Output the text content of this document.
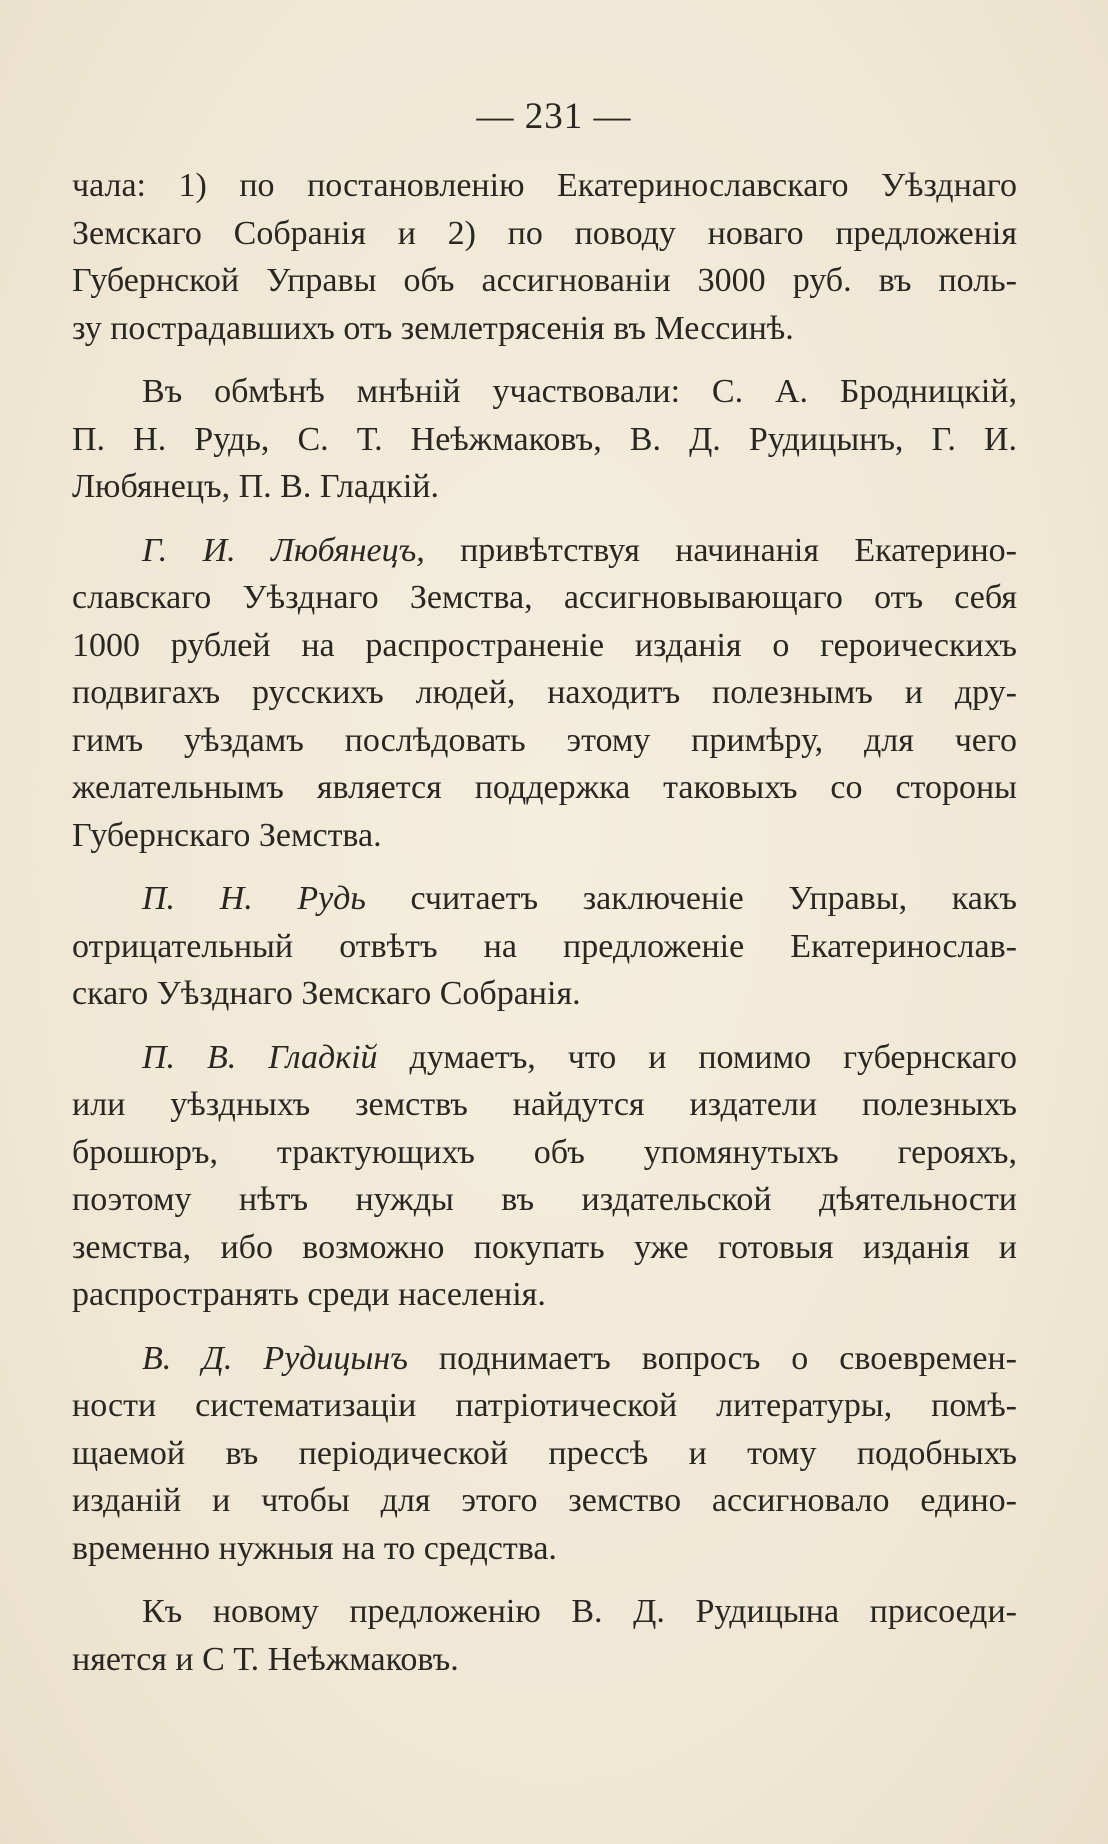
— 231 —

чала: 1) по постановленію Екатеринославскаго Уѣзднаго
Земскаго Собранія и 2) по поводу новаго предложенія
Губернской Управы объ ассигнованіи 3000 руб. въ поль-
зу пострадавшихъ отъ землетрясенія въ Мессинѣ.

Въ обмѣнѣ мнѣній участвовали: С. А. Бродницкій,
П. Н. Рудь, С. Т. Неѣжмаковъ, В. Д. Рудицынъ, Г. И.
Любянецъ, П. В. Гладкій.

Г. И. Любянецъ, привѣтствуя начинанія Екатерино-
славскаго Уѣзднаго Земства, ассигновывающаго отъ себя
1000 рублей на распространеніе изданія о героическихъ
подвигахъ русскихъ людей, находитъ полезнымъ и дру-
гимъ уѣздамъ послѣдовать этому примѣру, для чего
желательнымъ является поддержка таковыхъ со стороны
Губернскаго Земства.

П. Н. Рудь считаетъ заключеніе Управы, какъ
отрицательный отвѣтъ на предложеніе Екатеринослав-
скаго Уѣзднаго Земскаго Собранія.

П. В. Гладкій думаетъ, что и помимо губернскаго
или уѣздныхъ земствъ найдутся издатели полезныхъ
брошюръ, трактующихъ объ упомянутыхъ герояхъ,
поэтому нѣтъ нужды въ издательской дѣятельности
земства, ибо возможно покупать уже готовыя изданія и
распространять среди населенія.

В. Д. Рудицынъ поднимаетъ вопросъ о своевремен-
ности систематизаціи патріотической литературы, помѣ-
щаемой въ періодической прессѣ и тому подобныхъ
изданій и чтобы для этого земство ассигновало едино-
временно нужныя на то средства.

Къ новому предложенію В. Д. Рудицына присоеди-
няется и С Т. Неѣжмаковъ.
